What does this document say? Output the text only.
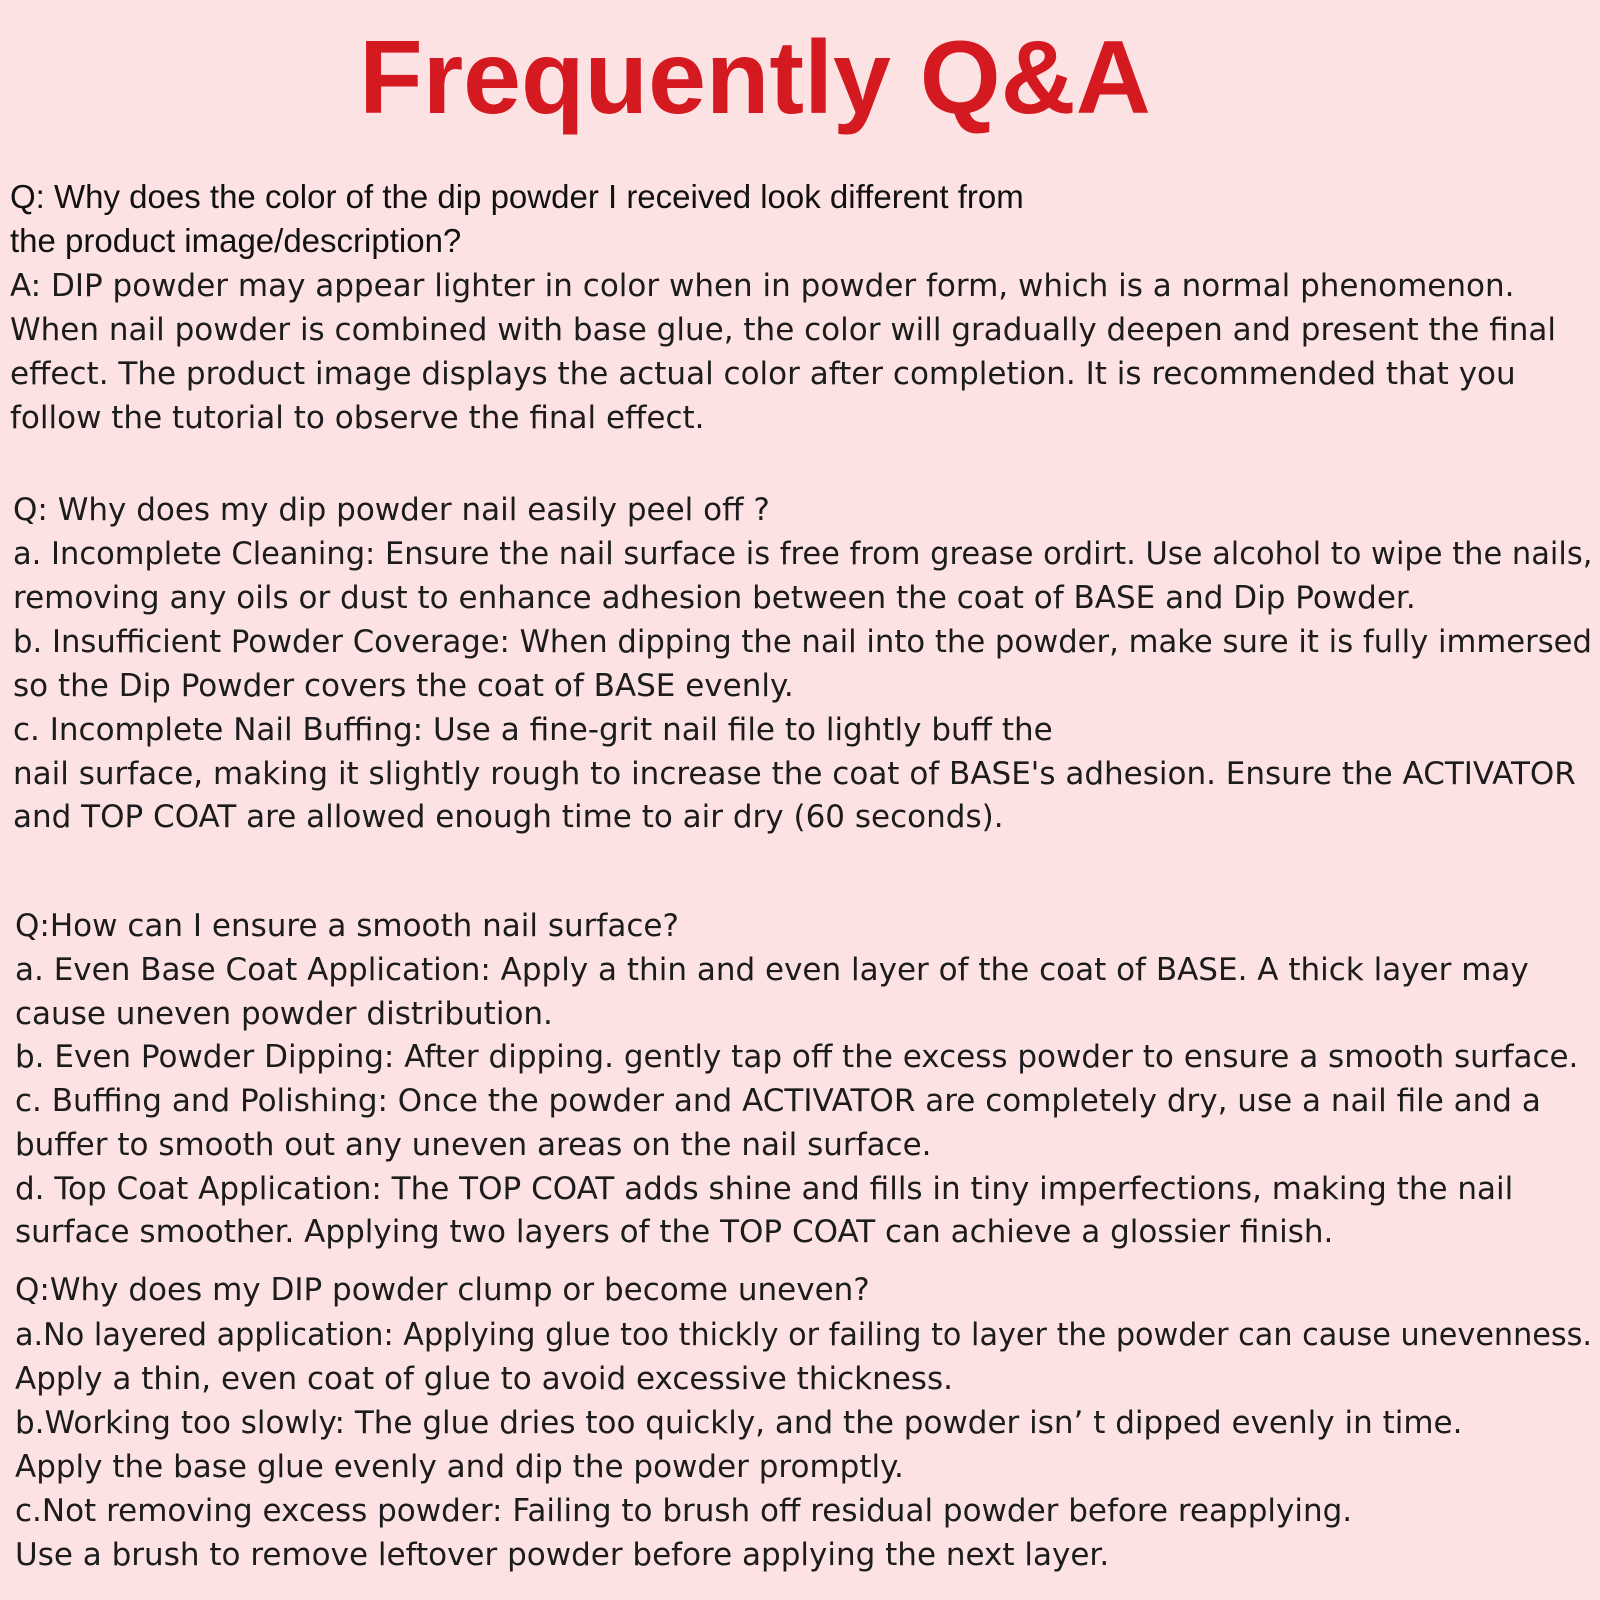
Frequently Q&A
Q: Why does the color of the dip powder I received look different from
the product image/description?
A: DIP powder may appear lighter in color when in powder form, which is a normal phenomenon.
When nail powder is combined with base glue, the color will gradually deepen and present the final
effect. The product image displays the actual color after completion. It is recommended that you
follow the tutorial to observe the final effect.
Q: Why does my dip powder nail easily peel off ?
a. Incomplete Cleaning: Ensure the nail surface is free from grease ordirt. Use alcohol to wipe the nails,
removing any oils or dust to enhance adhesion between the coat of BASE and Dip Powder.
b. Insufficient Powder Coverage: When dipping the nail into the powder, make sure it is fully immersed
so the Dip Powder covers the coat of BASE evenly.
c. Incomplete Nail Buffing: Use a fine-grit nail file to lightly buff the
nail surface, making it slightly rough to increase the coat of BASE's adhesion. Ensure the ACTIVATOR
and TOP COAT are allowed enough time to air dry (60 seconds).
Q:How can I ensure a smooth nail surface?
a. Even Base Coat Application: Apply a thin and even layer of the coat of BASE. A thick layer may
cause uneven powder distribution.
b. Even Powder Dipping: After dipping. gently tap off the excess powder to ensure a smooth surface.
c. Buffing and Polishing: Once the powder and ACTIVATOR are completely dry, use a nail file and a
buffer to smooth out any uneven areas on the nail surface.
d. Top Coat Application: The TOP COAT adds shine and fills in tiny imperfections, making the nail
surface smoother. Applying two layers of the TOP COAT can achieve a glossier finish.
Q:Why does my DIP powder clump or become uneven?
a.No layered application: Applying glue too thickly or failing to layer the powder can cause unevenness.
Apply a thin, even coat of glue to avoid excessive thickness.
b.Working too slowly: The glue dries too quickly, and the powder isn’ t dipped evenly in time.
Apply the base glue evenly and dip the powder promptly.
c.Not removing excess powder: Failing to brush off residual powder before reapplying.
Use a brush to remove leftover powder before applying the next layer.
